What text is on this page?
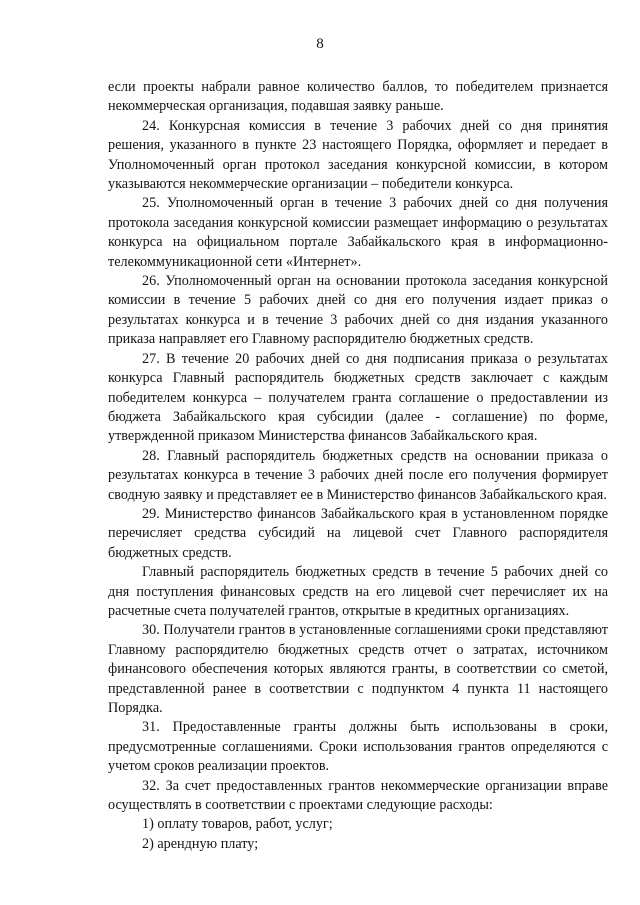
8

если проекты набрали равное количество баллов, то победителем признается некоммерческая организация, подавшая заявку раньше.

24. Конкурсная комиссия в течение 3 рабочих дней со дня принятия решения, указанного в пункте 23 настоящего Порядка, оформляет и передает в Уполномоченный орган протокол заседания конкурсной комиссии, в котором указываются некоммерческие организации – победители конкурса.

25. Уполномоченный орган в течение 3 рабочих дней со дня получения протокола заседания конкурсной комиссии размещает информацию о результатах конкурса на официальном портале Забайкальского края в информационно-телекоммуникационной сети «Интернет».

26. Уполномоченный орган на основании протокола заседания конкурсной комиссии в течение 5 рабочих дней со дня его получения издает приказ о результатах конкурса и в течение 3 рабочих дней со дня издания указанного приказа направляет его Главному распорядителю бюджетных средств.

27. В течение 20 рабочих дней со дня подписания приказа о результатах конкурса Главный распорядитель бюджетных средств заключает с каждым победителем конкурса – получателем гранта соглашение о предоставлении из бюджета Забайкальского края субсидии (далее - соглашение) по форме, утвержденной приказом Министерства финансов Забайкальского края.

28. Главный распорядитель бюджетных средств на основании приказа о результатах конкурса в течение 3 рабочих дней после его получения формирует сводную заявку и представляет ее в Министерство финансов Забайкальского края.

29. Министерство финансов Забайкальского края в установленном порядке перечисляет средства субсидий на лицевой счет Главного распорядителя бюджетных средств.

Главный распорядитель бюджетных средств в течение 5 рабочих дней со дня поступления финансовых средств на его лицевой счет перечисляет их на расчетные счета получателей грантов, открытые в кредитных организациях.

30. Получатели грантов в установленные соглашениями сроки представляют Главному распорядителю бюджетных средств отчет о затратах, источником финансового обеспечения которых являются гранты, в соответствии со сметой, представленной ранее в соответствии с подпунктом 4 пункта 11 настоящего Порядка.

31. Предоставленные гранты должны быть использованы в сроки, предусмотренные соглашениями. Сроки использования грантов определяются с учетом сроков реализации проектов.

32. За счет предоставленных грантов некоммерческие организации вправе осуществлять в соответствии с проектами следующие расходы:

1) оплату товаров, работ, услуг;

2) арендную плату;
